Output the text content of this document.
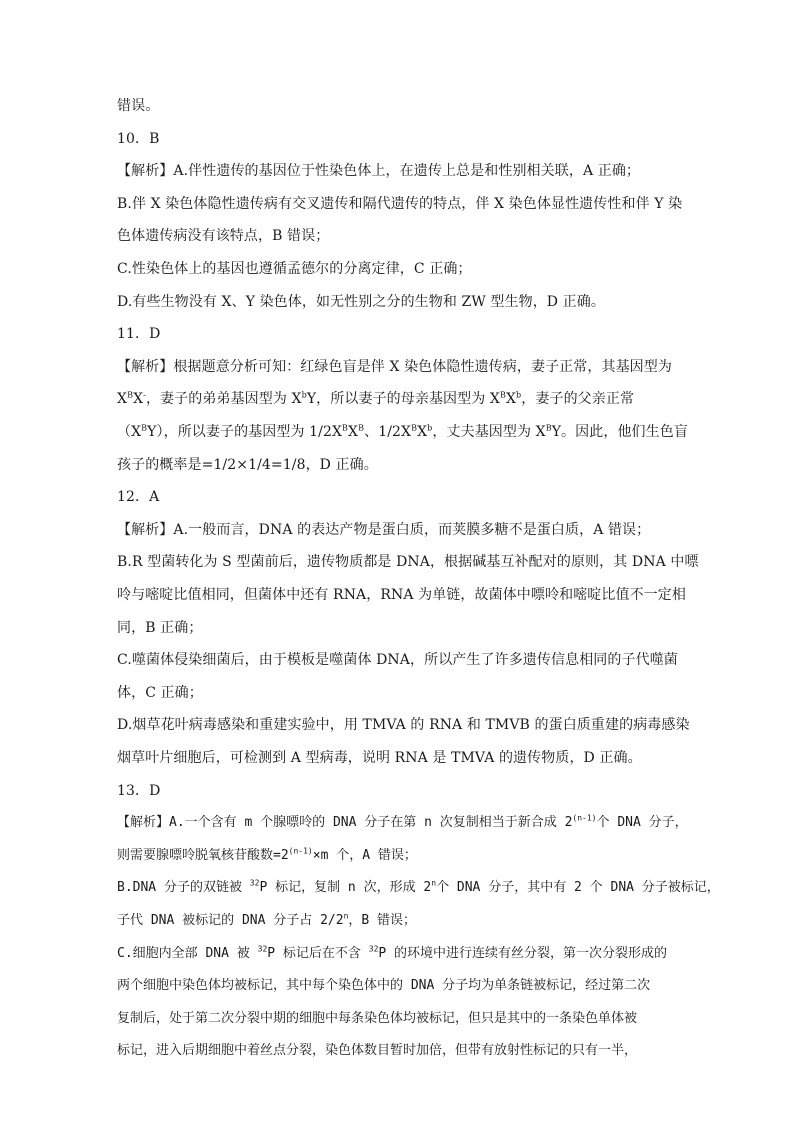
错误。
10．B
【解析】A.伴性遗传的基因位于性染色体上，在遗传上总是和性别相关联，A 正确；
B.伴 X 染色体隐性遗传病有交叉遗传和隔代遗传的特点，伴 X 染色体显性遗传性和伴 Y 染
色体遗传病没有该特点，B 错误；
C.性染色体上的基因也遵循孟德尔的分离定律，C 正确；
D.有些生物没有 X、Y 染色体，如无性别之分的生物和 ZW 型生物，D 正确。
11．D
【解析】根据题意分析可知：红绿色盲是伴 X 染色体隐性遗传病，妻子正常，其基因型为
$X^BX^-$，妻子的弟弟基因型为 $X^bY$，所以妻子的母亲基因型为 $X^BX^b$，妻子的父亲正常
$(X^BY)$，所以妻子的基因型为 $1/2X^BX^B$、$1/2X^BX^b$，丈夫基因型为 $X^BY$。因此，他们生色盲
孩子的概率是=1/2×1/4=1/8，D 正确。
12．A
【解析】A.一般而言，DNA 的表达产物是蛋白质，而荚膜多糖不是蛋白质，A 错误；
B.R 型菌转化为 S 型菌前后，遗传物质都是 DNA，根据碱基互补配对的原则，其 DNA 中嘌
呤与嘧啶比值相同，但菌体中还有 RNA，RNA 为单链，故菌体中嘌呤和嘧啶比值不一定相
同，B 正确；
C.噬菌体侵染细菌后，由于模板是噬菌体 DNA，所以产生了许多遗传信息相同的子代噬菌
体，C 正确；
D.烟草花叶病毒感染和重建实验中，用 TMVA 的 RNA 和 TMVB 的蛋白质重建的病毒感染
烟草叶片细胞后，可检测到 A 型病毒，说明 RNA 是 TMVA 的遗传物质，D 正确。
13．D
【解析】A.一个含有 m 个腺嘌呤的 DNA 分子在第 n 次复制相当于新合成 2$^{(n-1)}$个 DNA 分子，
则需要腺嘌呤脱氧核苷酸数$=2^{(n-1)}\times m$ 个，A 错误；
B.DNA 分子的双链被 $^{32}$P 标记，复制 n 次，形成 2$^n$个 DNA 分子，其中有 2 个 DNA 分子被标记，
子代 DNA 被标记的 DNA 分子占 2/2$^n$，B 错误；
C.细胞内全部 DNA 被 $^{32}$P 标记后在不含 $^{32}$P 的环境中进行连续有丝分裂，第一次分裂形成的
两个细胞中染色体均被标记，其中每个染色体中的 DNA 分子均为单条链被标记，经过第二次
复制后，处于第二次分裂中期的细胞中每条染色体均被标记，但只是其中的一条染色单体被
标记，进入后期细胞中着丝点分裂，染色体数目暂时加倍，但带有放射性标记的只有一半，
